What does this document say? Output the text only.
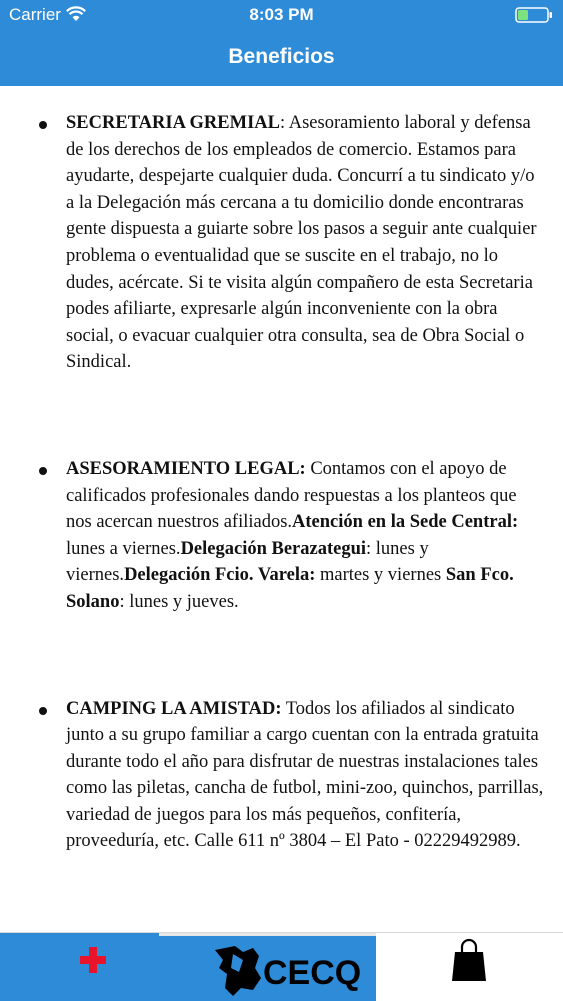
Carrier	8:03 PM
Beneficios
SECRETARIA GREMIAL: Asesoramiento laboral y defensa de los derechos de los empleados de comercio. Estamos para ayudarte, despejarte cualquier duda. Concurrí a tu sindicato y/o a la Delegación más cercana a tu domicilio donde encontraras gente dispuesta a guiarte sobre los pasos a seguir ante cualquier problema o eventualidad que se suscite en el trabajo, no lo dudes, acércate. Si te visita algún compañero de esta Secretaria podes afiliarte, expresarle algún inconveniente con la obra social, o evacuar cualquier otra consulta, sea de Obra Social o Sindical.
ASESORAMIENTO LEGAL: Contamos con el apoyo de calificados profesionales dando respuestas a los planteos que nos acercan nuestros afiliados.Atención en la Sede Central: lunes a viernes.Delegación Berazategui: lunes y viernes.Delegación Fcio. Varela: martes y viernes San Fco. Solano: lunes y jueves.
CAMPING LA AMISTAD: Todos los afiliados al sindicato junto a su grupo familiar a cargo cuentan con la entrada gratuita durante todo el año para disfrutar de nuestras instalaciones tales como las piletas, cancha de futbol, mini-zoo, quinchos, parrillas, variedad de juegos para los más pequeños, confitería, proveeduría, etc. Calle 611 nº 3804 – El Pato - 02229492989.
CECQ
